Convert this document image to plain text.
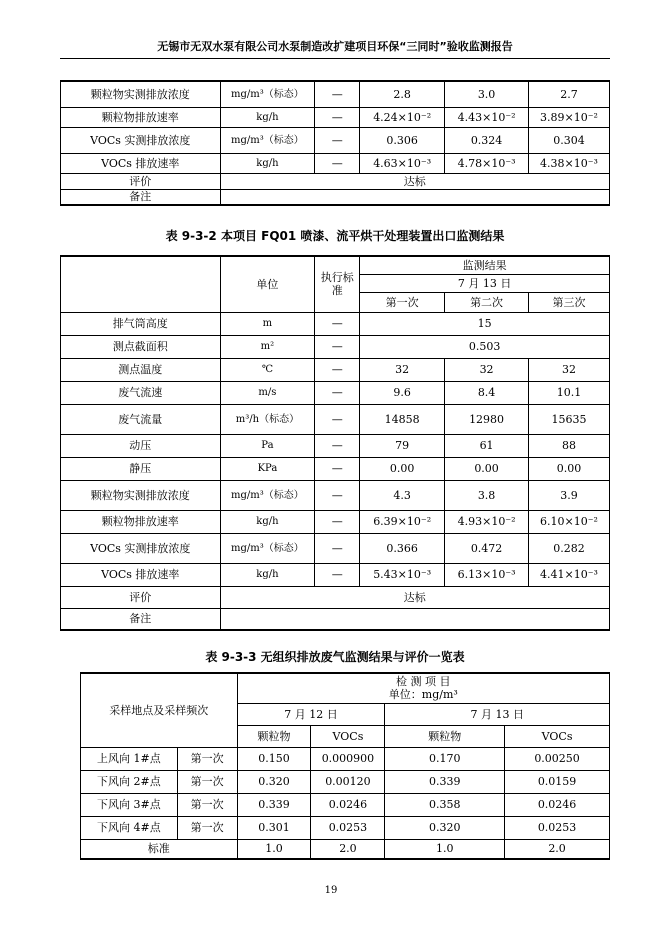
无锡市无双水泵有限公司水泵制造改扩建项目环保“三同时”验收监测报告
颗粒物实测排放浓度	mg/m³（标态）	—	2.8	3.0	2.7
颗粒物排放速率	kg/h	—	4.24×10⁻²	4.43×10⁻²	3.89×10⁻²
VOCs 实测排放浓度	mg/m³（标态）	—	0.306	0.324	0.304
VOCs 排放速率	kg/h	—	4.63×10⁻³	4.78×10⁻³	4.38×10⁻³
评价	达标				
备注					
表 9-3-2 本项目 FQ01 喷漆、流平烘干处理装置出口监测结果
	单位	执行标准	监测结果		
			7 月 13 日		
			第一次	第二次	第三次
排气筒高度	m	—	15		
测点截面积	m²	—	0.503		
测点温度	℃	—	32	32	32
废气流速	m/s	—	9.6	8.4	10.1
废气流量	m³/h（标态）	—	14858	12980	15635
动压	Pa	—	79	61	88
静压	KPa	—	0.00	0.00	0.00
颗粒物实测排放浓度	mg/m³（标态）	—	4.3	3.8	3.9
颗粒物排放速率	kg/h	—	6.39×10⁻²	4.93×10⁻²	6.10×10⁻²
VOCs 实测排放浓度	mg/m³（标态）	—	0.366	0.472	0.282
VOCs 排放速率	kg/h	—	5.43×10⁻³	6.13×10⁻³	4.41×10⁻³
评价	达标				
备注					
表 9-3-3 无组织排放废气监测结果与评价一览表
采样地点及采样频次		检 测 项 目
单位：mg/m³			

		7 月 12 日		7 月 13 日	
		颗粒物	VOCs	颗粒物	VOCs
上风向 1#点	第一次	0.150	0.000900	0.170	0.00250
下风向 2#点	第一次	0.320	0.00120	0.339	0.0159
下风向 3#点	第一次	0.339	0.0246	0.358	0.0246
下风向 4#点	第一次	0.301	0.0253	0.320	0.0253
标准		1.0	2.0	1.0	2.0
19
